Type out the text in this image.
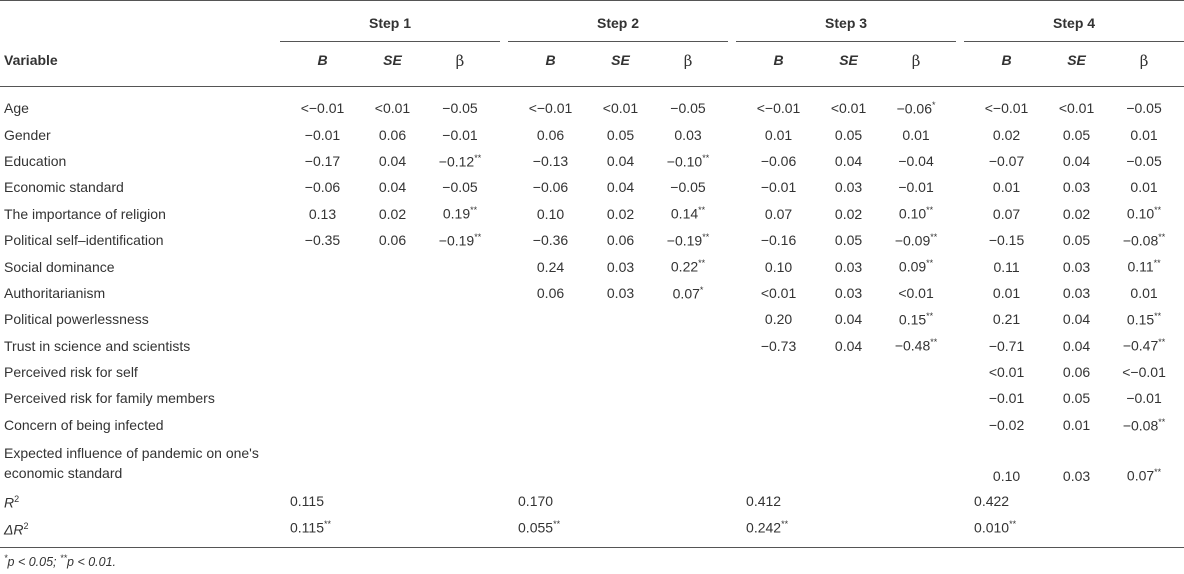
	Step 1				Step 2				Step 3				Step 4		

Variable	B	SE	β		B	SE	β		B	SE	β		B	SE	β
Age	<−0.01	<0.01	−0.05		<−0.01	<0.01	−0.05		<−0.01	<0.01	−0.06*		<−0.01	<0.01	−0.05
Gender	−0.01	0.06	−0.01		0.06	0.05	0.03		0.01	0.05	0.01		0.02	0.05	0.01
Education	−0.17	0.04	−0.12**		−0.13	0.04	−0.10**		−0.06	0.04	−0.04		−0.07	0.04	−0.05
Economic standard	−0.06	0.04	−0.05		−0.06	0.04	−0.05		−0.01	0.03	−0.01		0.01	0.03	0.01
The importance of religion	0.13	0.02	0.19**		0.10	0.02	0.14**		0.07	0.02	0.10**		0.07	0.02	0.10**
Political self–identification	−0.35	0.06	−0.19**		−0.36	0.06	−0.19**		−0.16	0.05	−0.09**		−0.15	0.05	−0.08**
Social dominance					0.24	0.03	0.22**		0.10	0.03	0.09**		0.11	0.03	0.11**
Authoritarianism					0.06	0.03	0.07*		<0.01	0.03	<0.01		0.01	0.03	0.01
Political powerlessness									0.20	0.04	0.15**		0.21	0.04	0.15**
Trust in science and scientists									−0.73	0.04	−0.48**		−0.71	0.04	−0.47**
Perceived risk for self													<0.01	0.06	<−0.01
Perceived risk for family members													−0.01	0.05	−0.01
Concern of being infected													−0.02	0.01	−0.08**
Expected influence of pandemic on one's economic standard													0.10	0.03	0.07**
$R^2$	0.115				0.170				0.412				0.422		
$\Delta R^2$	0.115**				0.055**				0.242**				0.010**		
*p < 0.05; **p < 0.01.
